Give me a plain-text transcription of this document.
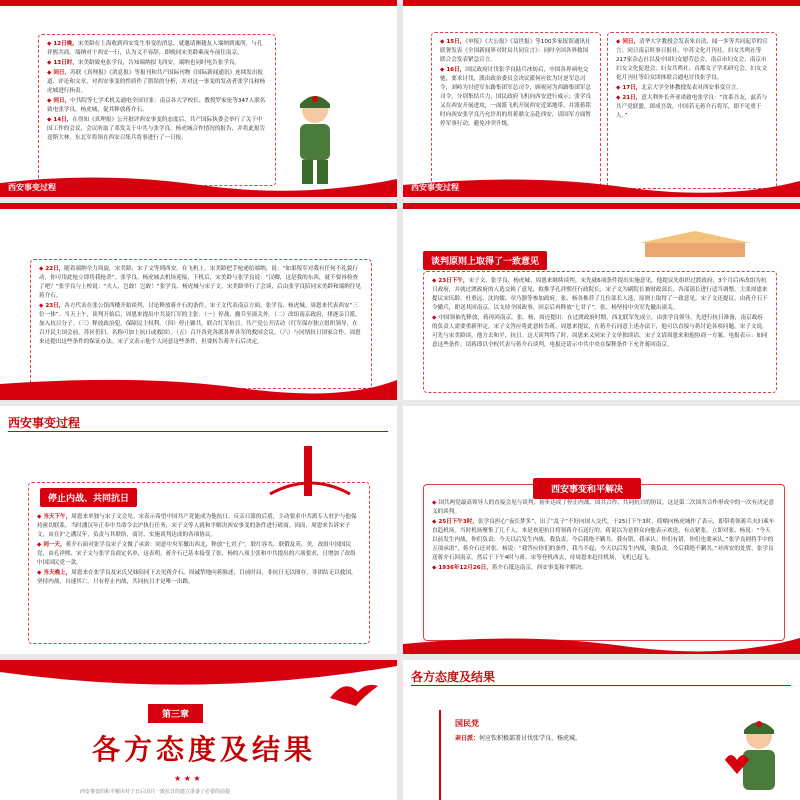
◆ 12日晚，宋美龄在上海收到西安发生事变的消息，就邀请澳籍友人端纳到寓所，与孔祥熙共商，端纳对于西安一行，认为义不容辞，即晚同宋美龄乘夜车前往南京。

◆ 13日时，宋美龄致电张学良，告知端纳拟飞西安，端纳也同时电告张学良。

◆ 同日，苏联《真理报》《消息报》等报刊和共产国际刊物《国际新闻通讯》连续发出报道、评论和文章，对西安事变的性质作了错误的分析，并对这一事变的发动者张学良和杨虎城进行指责。

◆ 同日，中共院等七学术机关通电全国讨张：南京各大学校长、教授罗家伦等347人联名致电张学良，杨虎城，促其释放蒋介石。

◆ 14日，在得知《真理报》公开批评西安事变的态度后，共产国际执委会举行了关于中国工作的会议，会议听取了邓发关于中共与张学良、杨虎城合作情况的报告，并将此报告送斯大林。东北军将领在西安召集兵将事进行了一日报。

西安事变过程

◆ 15日，《申报》《大公报》《益世报》等100多家报馆通讯社联署发表《全国新闻界对时局共同宣言》：同时全国各界救国联合会发表紧急宣言。

◆ 16日，国民政府讨伐张学良陆兵冰妨后，中国各界函电交驰，要求讨伐，派由政治委员会决议派何应钦为讨逆军总司令，刘峙为讨逆军东路集团军总司令，顾祝同为西路集团军总司令，分别集结兵力，国民政府飞机向西安进行威示；张学良又在西安开展进攻，一面派飞机开展西安近郊地带，并派蒋铭时向西安张学良乃允许用的用蒋鼎文亲赴西安，请国军方面暂停军事行动，避免冲突升级。

◆ 同日，清华大学教授会发表朱自清、闻一多等共同起草的宣言；同日南京时事日报社、中苏文化月刊社、妇女共鸣社等217家杂志社以及中国妇女慰劳总会、南京市妇女会、南京市妇女文化促进会、妇女共鸣社、首都女子学术研究会、妇女文化月刊社等妇女团体联合通电讨伐张学良。

◆ 17日，北京大学全体教授发表对西安事变宣言。

◆ 21日，意大利外长齐亚诺致电张学良：“汝系吾友，兹若与共产党联盟，即成吾敌，中国若无蒋介石将军，即不见重于人。”

西安事变过程

◆ 22日，随着端纳全力周旋，宋美龄、宋子文等到西安。在飞机上，宋美龄把手枪递给端纳，说：“如果叛军对我有任何不礼貌行动，你可用此枪立即将我枪杀”。张学良、杨虎城去机场迎接，下机后，宋美龄与张学良说：“汉卿，这是我的东西，就不要再检查了吧？”张学良与上校说：“夫人，岂敢！岂敢！”张学良、杨虎城与宋子文、宋美龄举行了会谈，后由张学良陪同宋美龄和端纳往见蒋介石。

◆ 23日，各方代表在张公馆西楼开始谈判，讨论释放蒋介石的条件。宋子文代表南京方面，张学良、杨虎城、周恩来代表西安“三位一体”。当天上午，谈判开始后，周恩来提出中共及红军的主张：（一）停战，撤兵至潼关外。（二）改组南京政府，排逐亲日派，加入抗日分子。（三）释放政治犯，保障民主权利。（四）停止剿共，联合红军抗日，共产党公开活动（红军保存独立组织领导，在召开民主国会前，苏区仍旧，名称可加上抗日或救国）。（五）召开各党各派各界各军的救国会议。（六）与同情抗日国家合作。周恩来还提出这些条件的保证办法。宋子文表示他个人同意这些条件，但要转告蒋介石后决定。

谈判原则上取得了一致意见

◆ 23日下午，宋子文、张学良、杨虎城、周恩来继续谈判。宋先就6项条件提出实施意见。他提议先组织过渡政府，3个月后再改组为抗日政府，并就过渡政府的人选交换了意见，拟推孚孔祥熙任行政院长，宋子文为副院长兼财政部长，各部部长进行适当调整，主张周恩来提议宋庆龄、杜重远、沈钧儒、章乃器等参加政府。张、杨各推荐了几位部长人选，原则上取得了一致意见。宋子文还提议，由蒋介石下令撤兵，即送其回南京，以支持全国政事，回京后再释放“七君子”。张、杨坚持中央军先撤出潼关。

◆ 中国领袖先释放，蒋再回南京。张、杨、周还提出：在过渡政府时期，西北联军先成立，由张学良领导，先进行抗日准备，南京政府的负责人需要重新审定，宋子文答应将此意转告蒋。周恩来提议，在蒋介石同意上述办法下，他可以直接与蒋讨论各项问题。宋子文说，可先与宋美龄谈，他方去和平、抗日。这天谈判终了时，周恩来又同宋子文单独谈话，宋子文请周恩来和他协商一方案。电报表示：如同意这些条件，请蒋即以全权代表与蒋介石谈判，电报还请示中共中央在保释条件下允许蒋回南京。

西安事变过程

◆ 当天下午，周恩来单独与宋子文会见。宋表示希望中国共产党能成为他抗日、反亲日派的后盾，主动要求中共派专人驻沪与他保持密切联系。当时潘汉年正奉中共命令去沪执行任务，宋子文等人就和平解决西安事变的条件进行磋商。因而，周恩来告诉宋子文，由在沪之潘汉年，负责与其联络，商讨、实施谈判达成的各项协议。

◆ 同一天，蒋介石面对张学良宋子文做了承诺：同意中央军撤出西北，释放“七君子”，联红容共，联俄及英、美，改组中国国民党，由孔祥熙、宋子文与张学良商定名单，这表明，蒋介石已基本接受了张、杨的八项主张和中共提出的六项要求，且增加了改组中国国民党一款。

◆ 当天晚上，周恩来在张学良及宋氏兄妹陪同下去见蒋介石。周诚挚地向蒋陈述，目前时局，非抗日无以图存，非团结无以救国，坚持内战，自速其亡。只有停止内战，共同抗日才是唯一出路。

停止内战、共同抗日	◆ 国共两党最高领导人的直接会见与谈判，初步达成了停止内战、国共合作、共同抗日的协议。这是第二次国共合作形成中的一次有决定意义的谈判。

◆ 25日下午3时，张学良担心“夜长梦多”，出了“乱子”不好向国人交代，于25日下午3时，简赌向杨虎城作了表示，即带将领蒋兵夫妇乘车直趋机场。当时机场聚集了几千人，本是欢迎抗日将领蒋介石送行的。蒋说以为是群众向他表示欢送，有点紧张，立即对张、杨说：“今天以前发生内战，你们负责；今天以后发生内战，我负责。今后我绝不剿共。我有错，我承认；你们有错，你们也要承认。”张学良则将手中的五项承诺”，蒋介石还对张、杨说：“我答应你们的条件，我当不起；今天以后发生内战，我负责，今后我绝不剿共。”对西安的处置，张学良送蒋介石回南京，然后于下午4时与蒋、宋等登机西去，待周恩来赶往机场，飞机已起飞。

◆ 1936年12月26日，蒋介石抵达南京，西安事变和平解决。

西安事变和平解决
第三章
各方态度及结果
★ ★ ★
西安事变的和平解决对于日后国共一致抗日的建立准备了必要的前提
各方态度及结果
国民党
亲日派：何应钦积极部署讨伐张学良、杨虎城。
